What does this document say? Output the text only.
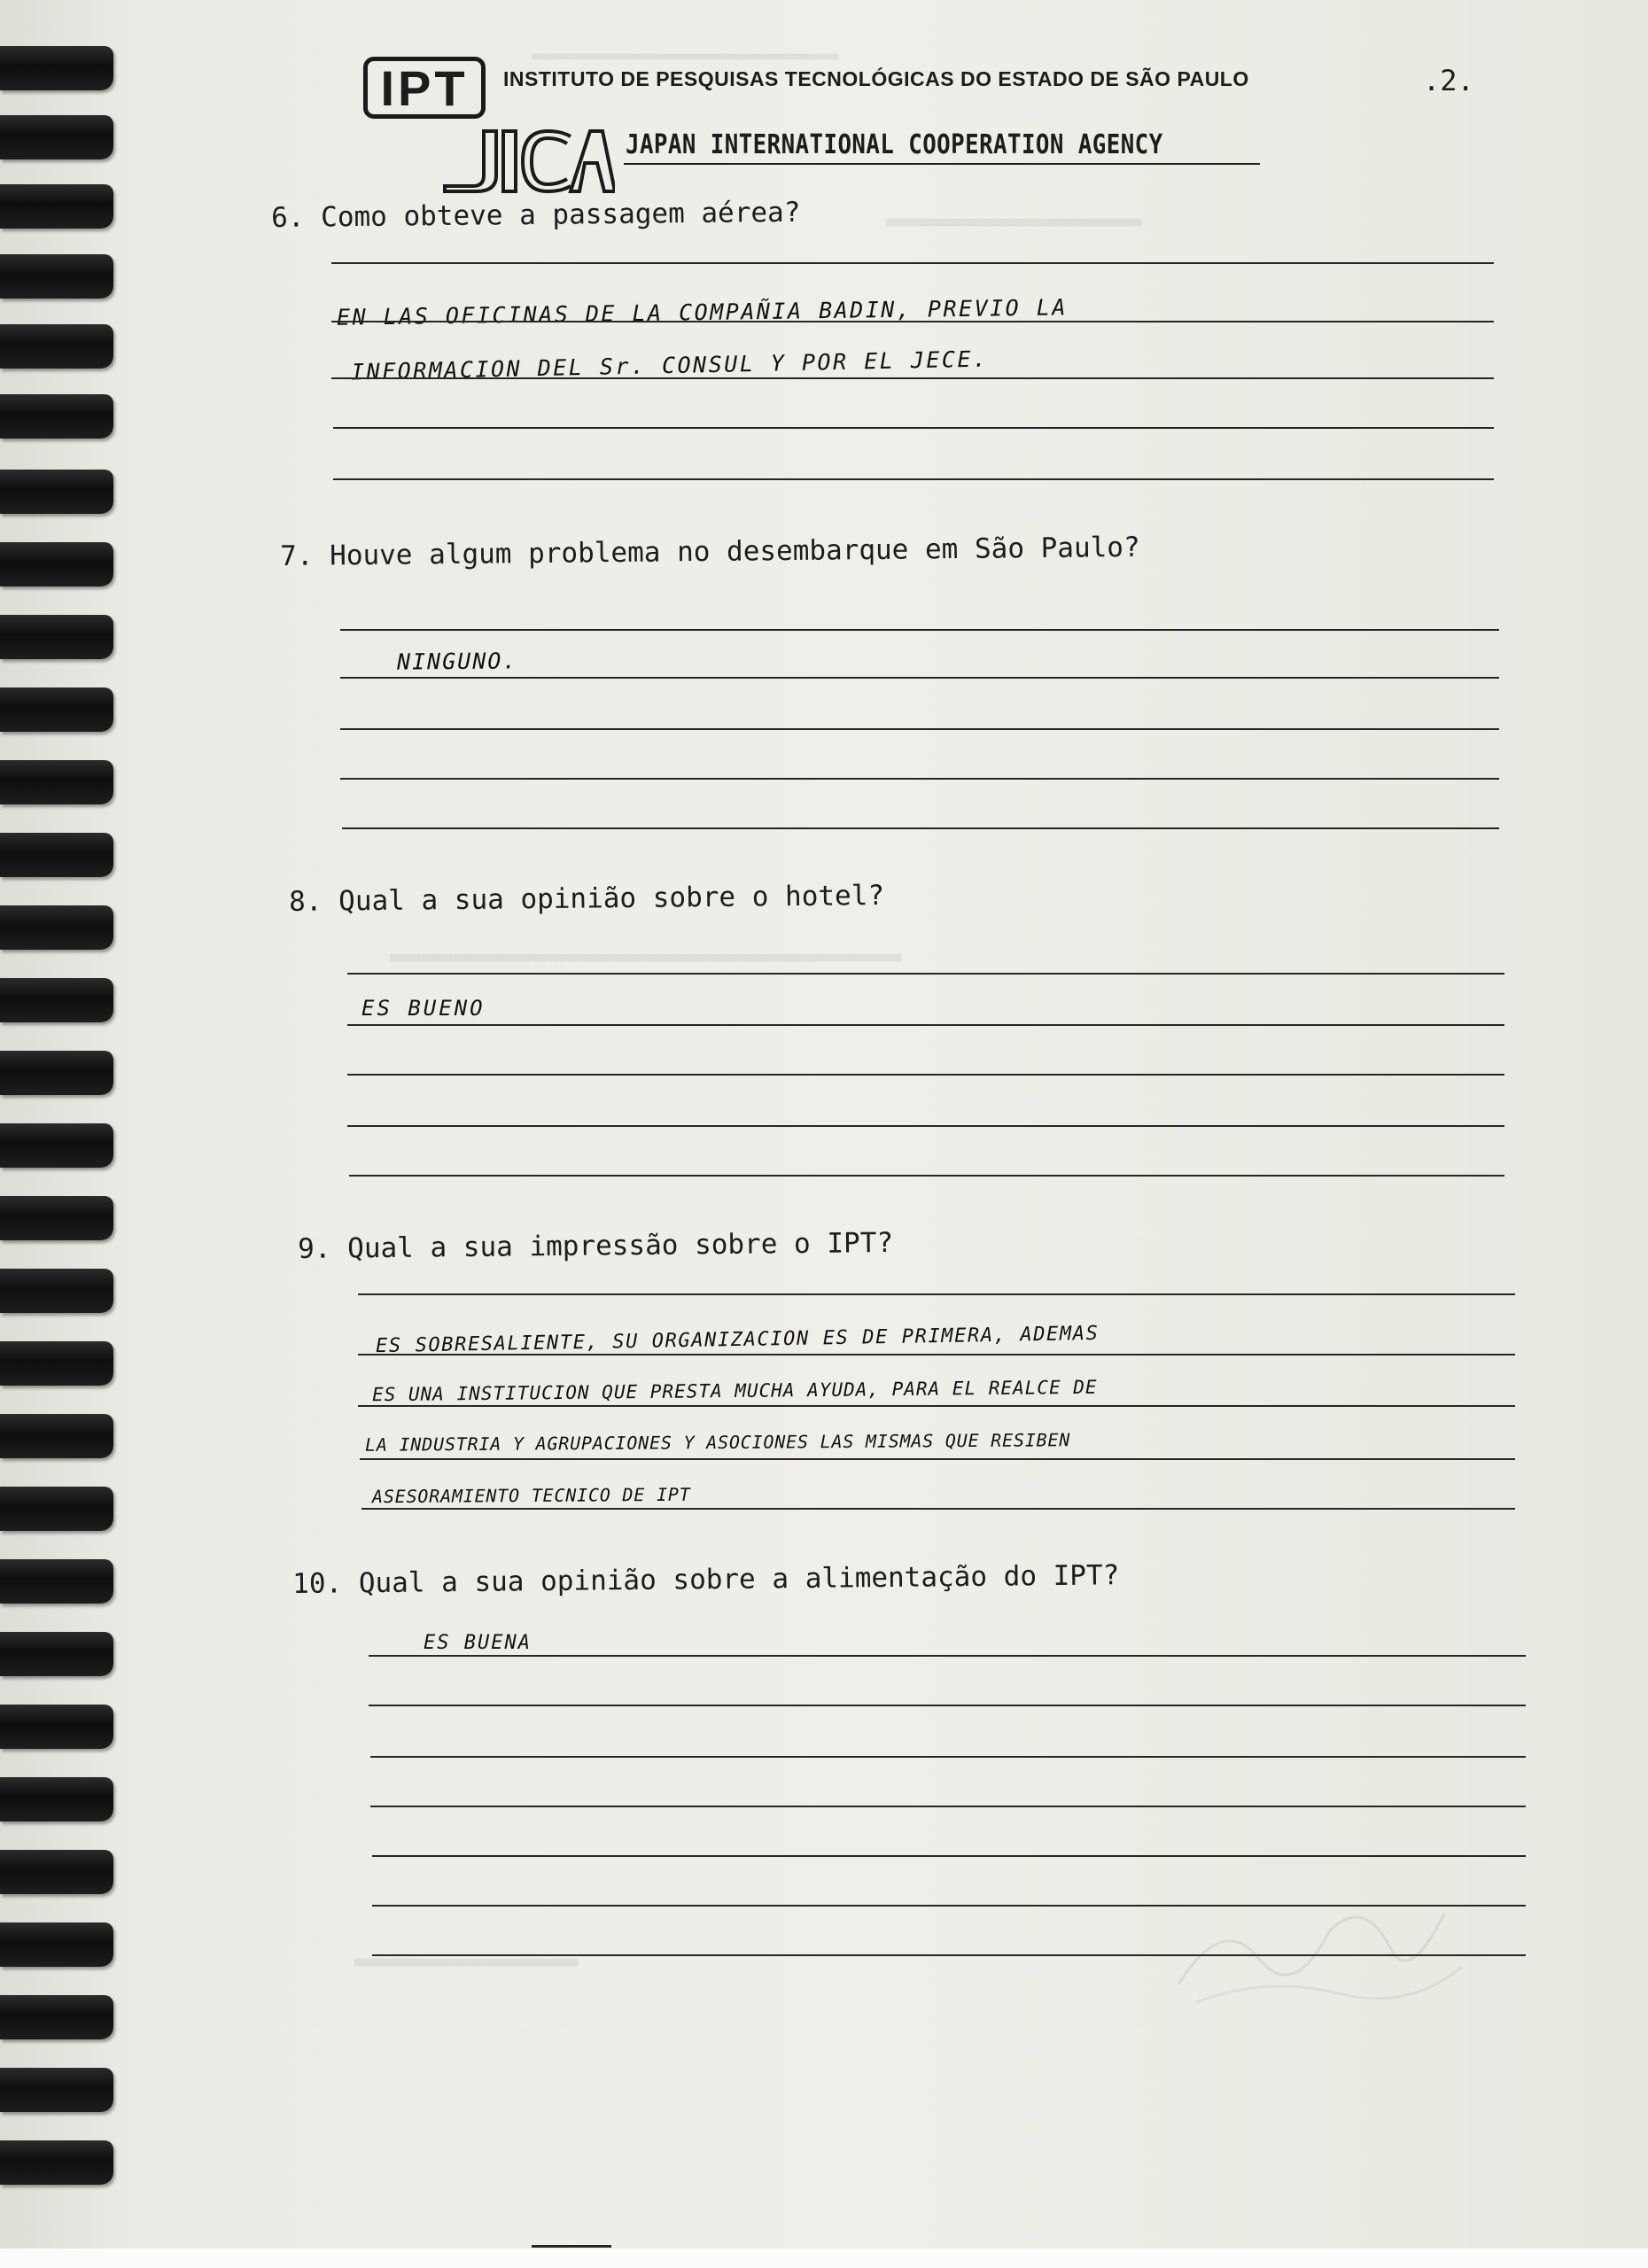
▬▬▬▬▬▬▬▬▬▬▬▬▬▬▬▬▬▬▬▬▬▬▬▬
▬▬▬▬▬▬▬▬▬▬▬▬▬▬▬▬
▬▬▬▬▬▬▬▬▬▬▬▬▬▬▬▬▬▬▬▬▬▬▬▬▬▬▬▬▬▬▬▬
▬▬▬▬▬▬▬▬▬▬▬▬▬▬
IPT	INSTITUTO DE PESQUISAS TECNOLÓGICAS DO ESTADO DE SÃO PAULO
JAPAN INTERNATIONAL COOPERATION AGENCY
.2.
6. Como obteve a passagem aérea?
EN LAS OFICINAS DE LA COMPAÑIA BADIN, PREVIO LA
INFORMACION DEL Sr. CONSUL Y POR EL JECE.
7. Houve algum problema no desembarque em São Paulo?
NINGUNO.
8. Qual a sua opinião sobre o hotel?
ES BUENO
9. Qual a sua impressão sobre o IPT?
ES SOBRESALIENTE, SU ORGANIZACION ES DE PRIMERA, ADEMAS
ES UNA INSTITUCION QUE PRESTA MUCHA AYUDA, PARA EL REALCE DE
LA INDUSTRIA Y AGRUPACIONES Y ASOCIONES LAS MISMAS QUE RESIBEN
ASESORAMIENTO TECNICO DE IPT
10. Qual a sua opinião sobre a alimentação do IPT?
ES BUENA
